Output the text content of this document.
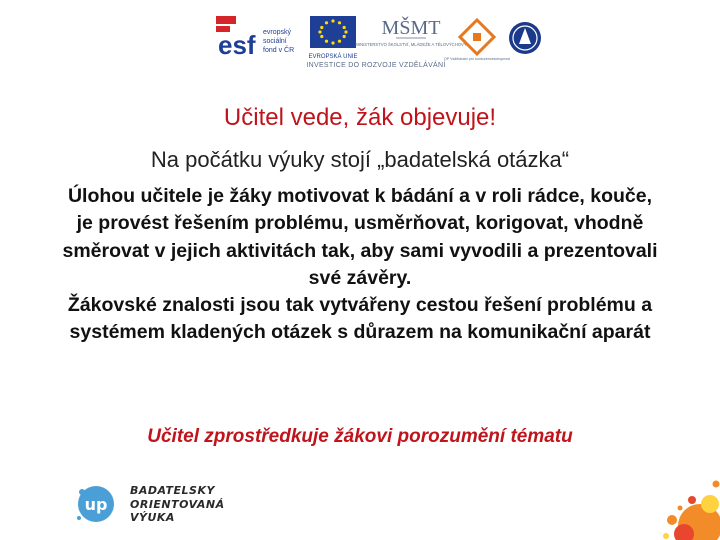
esf evropský
sociální
fond v ČR
EVROPSKÁ UNIE
MŠMT
MINISTERSTVO ŠKOLSTVÍ, MLÁDEŽE A TĚLOVÝCHOVY
OP Vzdělávání pro konkurenceschopnost
INVESTICE DO ROZVOJE VZDĚLÁVÁNÍ
Učitel vede, žák objevuje!
Na počátku výuky stojí „badatelská otázka“

Úlohou učitele je žáky motivovat k bádání a v roli rádce, kouče, je provést řešením problému, usměrňovat, korigovat, vhodně směrovat v jejich aktivitách tak, aby sami vyvodili a prezentovali své závěry.

Žákovské znalosti jsou tak vytvářeny cestou řešení problému a systémem kladených otázek s důrazem na komunikační aparát

Učitel zprostředkuje žákovi porozumění tématu
up
BADATELSKY
ORIENTOVANÁ
VÝUKA
